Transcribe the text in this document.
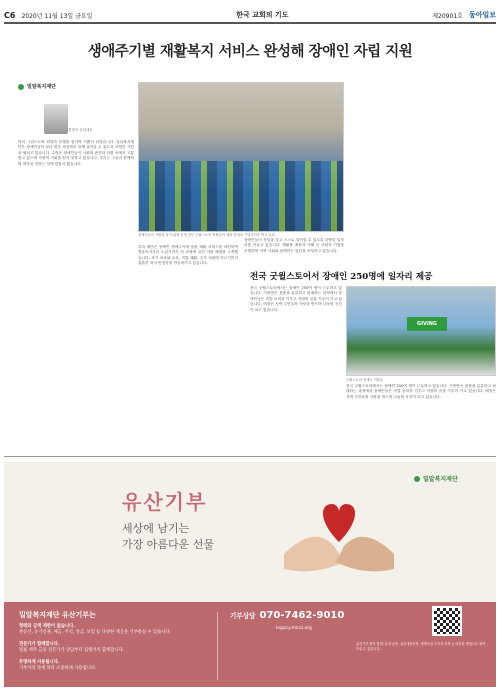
C6 2020년 11월 13일 금요일	한국 교회의 기도	제20901호 동아일보
생애주기별 재활복지 서비스 완성해 장애인 자립 지원
밀알복지재단
정형석 상임대표
여러 그리스도의 희생과 선행을 섬기며 기쁨이 되었습니다. 밀알복지재단은 장애인들이 보다 밝은 세상에서 함께 살아갈 수 있도록 다양한 사업을 펼치고 있습니다. 수많은 장애인들이 사회의 편견과 차별 속에서 고통받고 있으며 자립의 기회를 얻지 못하고 있습니다. 우리는 그들과 함께하며 희망을 전하는 일에 앞장서 왔습니다.
장애인들의 자립을 돕기 위해 운영 중인 굿윌스토어 직원들이 매장 앞에서 기념사진을 찍고 있다.
특히 재단은 장애인 생애주기에 맞춘 재활 서비스를 마련하여 영유아기부터 노년기까지 전 과정에 걸친 지원 체계를 구축했습니다. 조기 치료와 교육, 직업 재활, 주거 지원에 이르기까지 촘촘한 복지 안전망을 만들어가고 있습니다.
장애인들이 직업을 갖고 스스로 일어설 수 있도록 다양한 일자리를 만들고 있습니다. 재활용 매장과 카페 등 사회적 기업을 운영하며 지역 사회와 함께하는 일터를 조성하고 있습니다.
전국 굿윌스토어서 장애인 250명에 일자리 제공
전국 굿윌스토어에서는 장애인 250여 명이 근무하고 있습니다. 기증받은 물품을 분류하고 판매하는 과정에서 장애인들은 직업 능력을 키우고 자립의 꿈을 이루어 가고 있습니다. 매장은 지역 주민들의 사랑을 받으며 나눔의 공간이 되고 있습니다.
GIVING
굿윌스토어 장애인 직원들
전국 굿윌스토어에서는 장애인 250여 명이 근무하고 있습니다. 기증받은 물품을 분류하고 판매하는 과정에서 장애인들은 직업 능력을 키우고 자립의 꿈을 이루어 가고 있습니다. 매장은 지역 주민들의 사랑을 받으며 나눔의 공간이 되고 있습니다.
밀알복지재단
유산기부
세상에 남기는
가장 아름다운 선물
밀알복지재단 유산기부는
형태와 금액 제한이 없습니다.
부동산, 유가증권, 예금, 주식, 연금, 보험 등 다양한 재산을 기부하실 수 있습니다.
전문가가 함께합니다.
법률 세무 금융 전문가가 상담부터 집행까지 함께합니다.
투명하게 사용됩니다.
기부자의 뜻에 따라 소중하게 사용됩니다.
기부상담 070-7462-9010
legacy.miral.org
유산기부 참여 방법: 유언 공증, 유언대용신탁, 생명보험 수익자 지정 등 다양한 방법으로 참여하실 수 있습니다.
